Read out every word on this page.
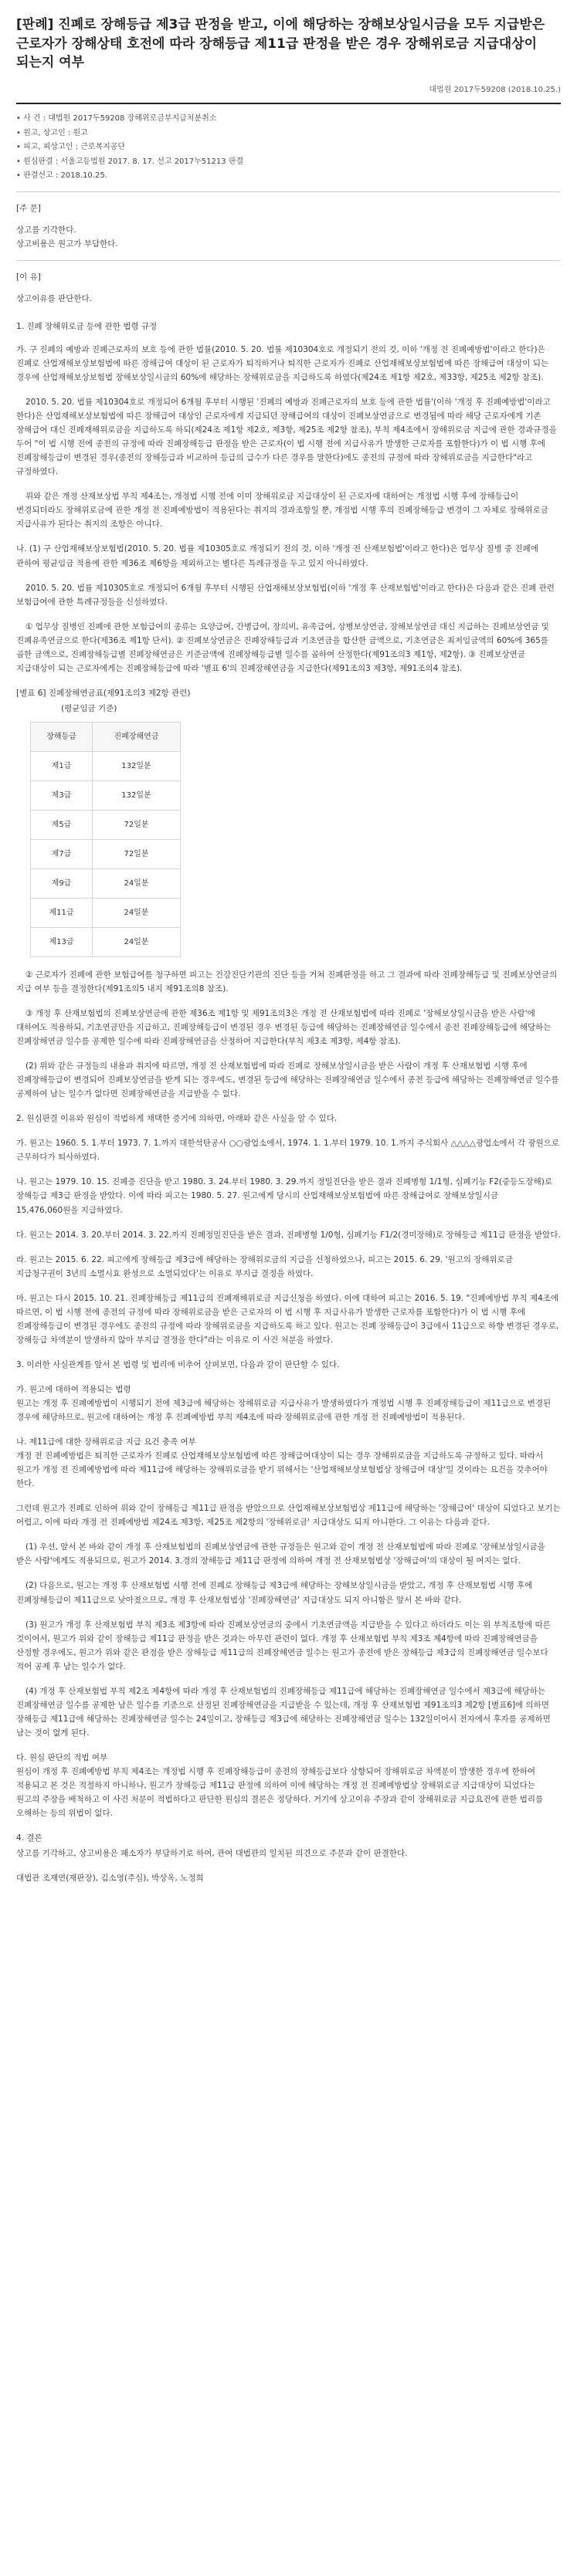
[판례] 진폐로 장해등급 제3급 판정을 받고, 이에 해당하는 장해보상일시금을 모두 지급받은 근로자가 장해상태 호전에 따라 장해등급 제11급 판정을 받은 경우 장해위로금 지급대상이 되는지 여부
대법원 2017두59208 (2018.10.25.)
• 사 건 : 대법원 2017두59208 장해위로금부지급처분취소
• 원고, 상고인 : 원고
• 피고, 피상고인 : 근로복지공단
• 원심판결 : 서울고등법원 2017. 8. 17. 선고 2017누51213 판결
• 판결선고 : 2018.10.25.
[주 문]

상고를 기각한다.

상고비용은 원고가 부담한다.

[이 유]

상고이유를 판단한다.

1. 진폐 장해위로금 등에 관한 법령 규정

가. 구 진폐의 예방과 진폐근로자의 보호 등에 관한 법률(2010. 5. 20. 법률 제10304호로 개정되기 전의 것, 이하 '개정 전 진폐예방법'이라고 한다)은 진폐로 산업재해보상보험법에 따른 장해급여 대상이 된 근로자가 퇴직하거나 퇴직한 근로자가 진폐로 산업재해보상보험법에 따른 장해급여 대상이 되는 경우에 산업재해보상보험법 장해보상일시금의 60%에 해당하는 장해위로금을 지급하도록 하였다(제24조 제1항 제2호, 제33항, 제25조 제2항 참조).

2010. 5. 20. 법률 제10304호로 개정되어 6개월 후부터 시행된 '진폐의 예방과 진폐근로자의 보호 등에 관한 법률'(이하 '개정 후 진폐예방법'이라고 한다)은 산업재해보상보험법에 따른 장해급여 대상인 근로자에게 지급되던 장해급여의 대상이 진폐보상연금으로 변경됨에 따라 해당 근로자에게 기존 장해급여 대신 진폐재해위로금을 지급하도록 하되(제24조 제1항 제2호, 제3항, 제25조 제2항 참조), 부칙 제4조에서 장해위로금 지급에 관한 경과규정을 두어 "이 법 시행 전에 종전의 규정에 따라 진폐장해등급 판정을 받은 근로자(이 법 시행 전에 지급사유가 발생한 근로자를 포함한다)가 이 법 시행 후에 진폐장해등급이 변경된 경우(종전의 장해등급과 비교하여 등급의 급수가 다른 경우를 말한다)에도 종전의 규정에 따라 장해위로금을 지급한다"라고 규정하였다.

위와 같은 개정 산재보상법 부칙 제4조는, 개정법 시행 전에 이미 장해위로금 지급대상이 된 근로자에 대하여는 개정법 시행 후에 장해등급이 변경되더라도 장해위로금에 관한 개정 전 진폐예방법이 적용된다는 취지의 경과조항일 뿐, 개정법 시행 후의 진폐장해등급 변경이 그 자체로 장해위로금 지급사유가 된다는 취지의 조항은 아니다.

나. (1) 구 산업재해보상보험법(2010. 5. 20. 법률 제10305호로 개정되기 전의 것, 이하 '개정 전 산재보험법'이라고 한다)은 업무상 질병 중 진폐에 관하여 평균임금 적용에 관한 제36조 제6항을 제외하고는 별다른 특례규정을 두고 있지 아니하였다.

2010. 5. 20. 법률 제10305호로 개정되어 6개월 후부터 시행된 산업재해보상보험법(이하 '개정 후 산재보험법'이라고 한다)은 다음과 같은 진폐 관련 보험급여에 관한 특례규정들을 신설하였다.

① 업무상 질병인 진폐에 관한 보험급여의 종류는 요양급여, 간병급여, 장의비, 유족급여, 상병보상연금, 장해보상연금 대신 지급하는 진폐보상연금 및 진폐유족연금으로 한다(제36조 제1항 단서). ② 진폐보상연금은 진폐장해등급과 기초연금을 합산한 금액으로, 기초연금은 최저임금액의 60%에 365를 곱한 금액으로, 진폐장해등급별 진폐장해연금은 기준금액에 진폐장해등급별 일수를 곱하여 산정한다(제91조의3 제1항, 제2항). ③ 진폐보상연금 지급대상이 되는 근로자에게는 진폐장해등급에 따라 '별표 6'의 진폐장해연금을 지급한다(제91조의3 제3항, 제91조의4 참조).

[별표 6] 진폐장해연금표(제91조의3 제2항 관련)
(평균임금 기준)
장해등급	진폐장해연금
제1급	132일분
제3급	132일분
제5급	72일분
제7급	72일분
제9급	24일분
제11급	24일분
제13급	24일분

② 근로자가 진폐에 관한 보험급여를 청구하면 피고는 건강진단기관의 진단 등을 거쳐 진폐판정을 하고 그 결과에 따라 진폐장해등급 및 진폐보상연금의 지급 여부 등을 결정한다(제91조의5 내지 제91조의8 참조).

③ 개정 후 산재보험법의 진폐보상연금에 관한 제36조 제1항 및 제91조의3은 개정 전 산재보험법에 따라 진폐로 '장해보상일시금을 받은 사람'에 대하여도 적용하되, 기초연금만을 지급하고, 진폐장해등급이 변경된 경우 변경된 등급에 해당하는 진폐장해연금 일수에서 종전 진폐장해등급에 해당하는 진폐장해연금 일수를 공제한 일수에 따라 진폐장해연금을 산정하여 지급한다(부칙 제3조 제3항, 제4항 참조).

(2) 위와 같은 규정들의 내용과 취지에 따르면, 개정 전 산재보험법에 따라 진폐로 장해보상일시금을 받은 사람이 개정 후 산재보험법 시행 후에 진폐장해등급이 변경되어 진폐보상연금을 받게 되는 경우에도, 변경된 등급에 해당하는 진폐장해연금 일수에서 종전 등급에 해당하는 진폐장해연금 일수를 공제하여 남는 일수가 없다면 진폐장해연금을 지급받을 수 없다.

2. 원심판결 이유와 원심이 적법하게 채택한 증거에 의하면, 아래와 같은 사실을 알 수 있다.

가. 원고는 1960. 5. 1.부터 1973. 7. 1.까지 대한석탄공사 ○○광업소에서, 1974. 1. 1.부터 1979. 10. 1.까지 주식회사 △△△△광업소에서 각 광원으로 근무하다가 퇴사하였다.

나. 원고는 1979. 10. 15. 진폐증 진단을 받고 1980. 3. 24.부터 1980. 3. 29.까지 정밀진단을 받은 결과 진폐병형 1/1형, 심폐기능 F2(중등도장해)로 장해등급 제3급 판정을 받았다. 이에 따라 피고는 1980. 5. 27. 원고에게 당시의 산업재해보상보험법에 따른 장해급여로 장해보상일시금 15,476,060원을 지급하였다.

다. 원고는 2014. 3. 20.부터 2014. 3. 22.까지 진폐정밀진단을 받은 결과, 진폐병형 1/0형, 심폐기능 F1/2(경미장해)로 장해등급 제11급 판정을 받았다.

라. 원고는 2015. 6. 22. 피고에게 장해등급 제3급에 해당하는 장해위로금의 지급을 신청하였으나, 피고는 2015. 6. 29. '원고의 장해위로금 지급청구권이 3년의 소멸시효 완성으로 소멸되었다'는 이유로 부지급 결정을 하였다.

마. 원고는 다시 2015. 10. 21. 진폐장해등급 제11급의 진폐재해위로금 지급신청을 하였다. 이에 대하여 피고는 2016. 5. 19. "진폐예방법 부칙 제4조에 따르면, 이 법 시행 전에 종전의 규정에 따라 장해위로금을 받은 근로자의 이 법 시행 후 지급사유가 발생한 근로자를 포함한다)가 이 법 시행 후에 진폐장해등급이 변경된 경우에도 종전의 규정에 따라 장해위로금을 지급하도록 하고 있다. 원고는 진폐 장해등급이 3급에서 11급으로 하향 변경된 경우로, 장해등급 차액분이 발생하지 않아 부지급 결정을 한다"라는 이유로 이 사건 처분을 하였다.

3. 이러한 사실관계를 앞서 본 법령 및 법리에 비추어 살펴보면, 다음과 같이 판단할 수 있다.

가. 원고에 대하여 적용되는 법령

원고는 개정 후 진폐예방법이 시행되기 전에 제3급에 해당하는 장해위로금 지급사유가 발생하였다가 개정법 시행 후 진폐장해등급이 제11급으로 변경된 경우에 해당하므로, 원고에 대하여는 개정 후 진폐예방법 부칙 제4조에 따라 장해위로금에 관한 개정 전 진폐예방법이 적용된다.

나. 제11급에 대한 장해위로금 지급 요건 충족 여부

개정 전 진폐예방법은 퇴직한 근로자가 진폐로 산업재해보상보험법에 따른 장해급여대상이 되는 경우 장해위로금을 지급하도록 규정하고 있다. 따라서 원고가 개정 전 진폐예방법에 따라 제11급에 해당하는 장해위로금을 받기 위해서는 '산업재해보상보험법상 장해급여 대상'일 것이라는 요건을 갖추어야 한다.

그런데 원고가 진폐로 인하여 위와 같이 장해등급 제11급 판정을 받았으므로 산업재해보상보험법상 제11급에 해당하는 '장해급여' 대상이 되었다고 보기는 어렵고, 이에 따라 개정 전 진폐예방법 제24조 제3항, 제25조 제2항의 '장해위로금' 지급대상도 되지 아니한다. 그 이유는 다음과 같다.

(1) 우선, 앞서 본 바와 같이 개정 후 산재보험법의 진폐보상연금에 관한 규정들은 원고와 같이 개정 전 산재보험법에 따라 진폐로 '장해보상일시금을 받은 사람'에게도 적용되므로, 원고가 2014. 3.경의 장해등급 제11급 판정에 의하여 개정 전 산재보험법상 '장해급여'의 대상이 될 여지는 없다.

(2) 다음으로, 원고는 개정 후 산재보험법 시행 전에 진폐로 장해등급 제3급에 해당하는 장해보상일시금을 받았고, 개정 후 산재보험법 시행 후에 진폐장해등급이 제11급으로 낮아졌으므로, 개정 후 산재보험법상 '진폐장해연금' 지급대상도 되지 아니함은 앞서 본 바와 같다.

(3) 원고가 개정 후 산재보험법 부칙 제3조 제3항에 따라 진폐보상연금의 중에서 기초연금액을 지급받을 수 있다고 하더라도 이는 위 부칙조항에 따른 것이어서, 원고가 위와 같이 장해등급 제11급 판정을 받은 것과는 아무런 관련이 없다. 개정 후 산재보험법 부칙 제3조 제4항에 따라 진폐장해연금을 산정할 경우에도, 원고가 위와 같은 판정을 받은 장해등급 제11급의 진폐장해연금 일수는 원고가 종전에 받은 장해등급 제3급의 진폐장해연금 일수보다 적어 공제 후 남는 일수가 없다.

(4) 개정 후 산재보험법 부칙 제2조 제4항에 따라 개정 후 산재보험법의 진폐장해등급 제11급에 해당하는 진폐장해연금 일수에서 제3급에 해당하는 진폐장해연금 일수를 공제한 남은 일수를 기준으로 산정된 진폐장해연금을 지급받을 수 있는데, 개정 후 산재보험법 제91조의3 제2항 [별표6]에 의하면 장해등급 제11급에 해당하는 진폐장해연금 일수는 24일이고, 장해등급 제3급에 해당하는 진폐장해연금 일수는 132일이어서 전자에서 후자를 공제하면 남는 것이 없게 된다.

다. 원심 판단의 적법 여부

원심이 개정 후 진폐예방법 부칙 제4조는 개정법 시행 후 진폐장해등급이 종전의 장해등급보다 상향되어 장해위로금 차액분이 발생한 경우에 한하여 적용되고 본 것은 적절하지 아니하나, 원고가 장해등급 제11급 판정에 의하여 이에 해당하는 개정 전 진폐예방법상 장해위로금 지급대상이 되었다는 원고의 주장을 배척하고 이 사건 처분이 적법하다고 판단한 원심의 결론은 정당하다. 거기에 상고이유 주장과 같이 장해위로금 지급요건에 관한 법리를 오해하는 등의 위법이 없다.

4. 결론

상고를 기각하고, 상고비용은 패소자가 부담하기로 하여, 관여 대법관의 일치된 의견으로 주문과 같이 판결한다.

대법관 조재연(재판장), 김소영(주심), 박상옥, 노정희
